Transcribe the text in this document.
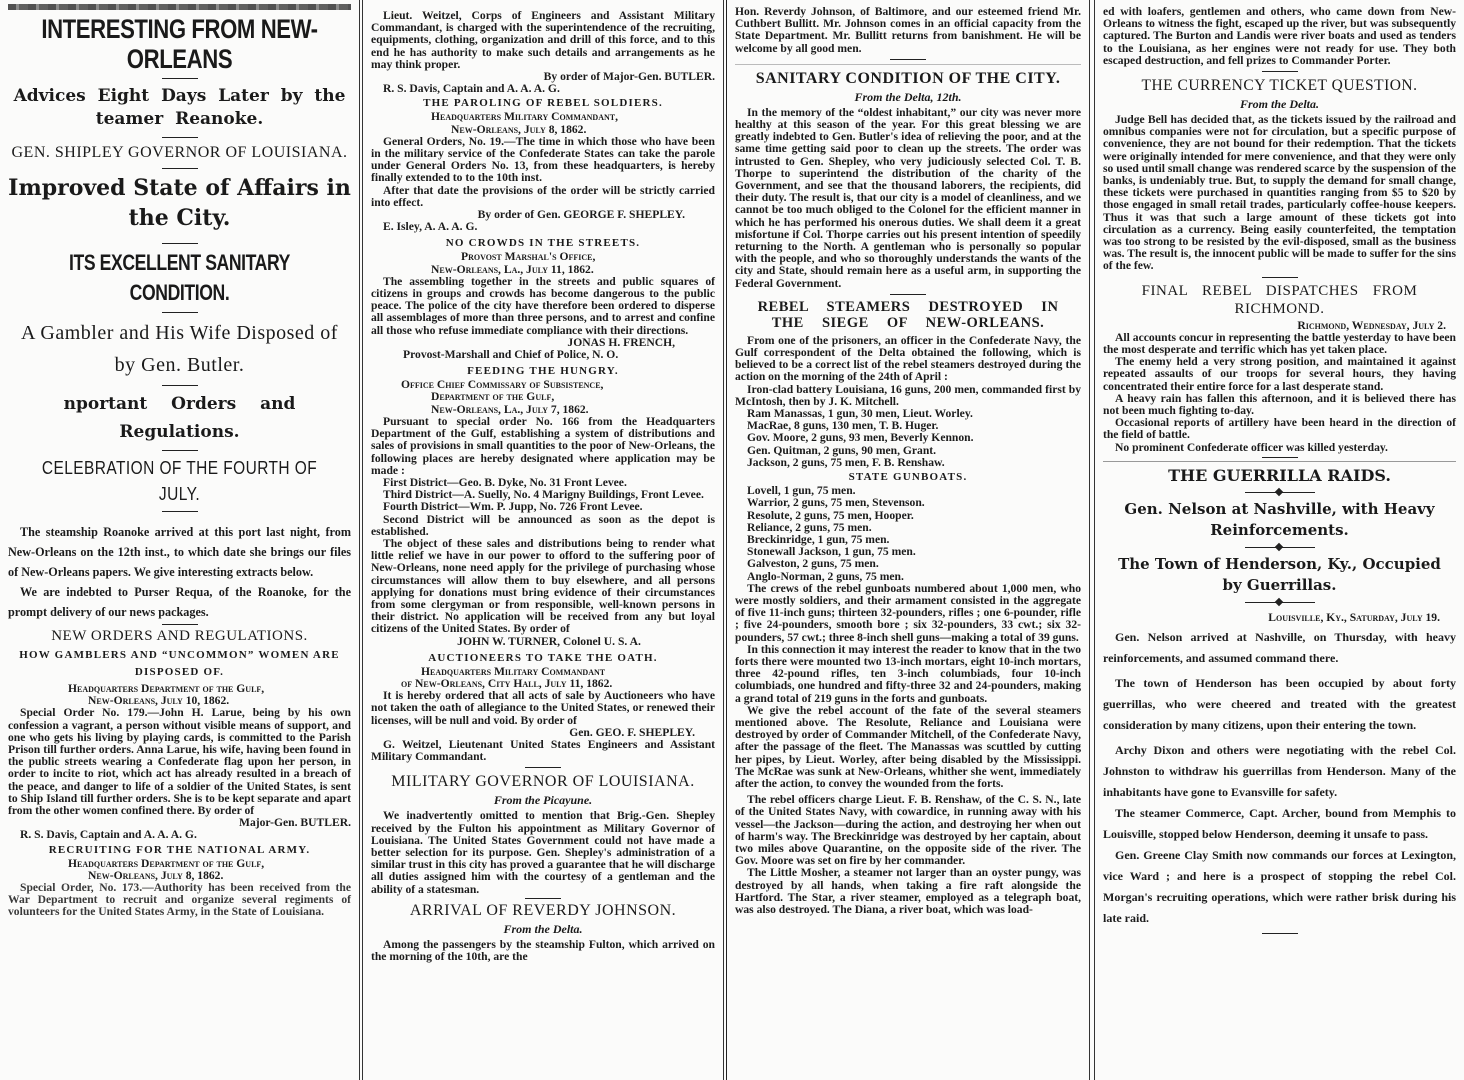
INTERESTING FROM NEW-ORLEANS
Advices Eight Days Later by the teamer Reanoke.
GEN. SHIPLEY GOVERNOR OF LOUISIANA.
Improved State of Affairs in the City.
ITS EXCELLENT SANITARY CONDITION.
A Gambler and His Wife Disposed of by Gen. Butler.
nportant Orders and Regulations.
CELEBRATION OF THE FOURTH OF JULY.

The steamship Roanoke arrived at this port last night, from New-Orleans on the 12th inst., to which date she brings our files of New-Orleans papers. We give interesting extracts below.

We are indebted to Purser Requa, of the Roanoke, for the prompt delivery of our news packages.

NEW ORDERS AND REGULATIONS.
HOW GAMBLERS AND “UNCOMMON” WOMEN ARE DISPOSED OF.
Headquarters Department of the Gulf,
New-Orleans, July 10, 1862.

Special Order No. 179.—John H. Larue, being by his own confession a vagrant, a person without visible means of support, and one who gets his living by playing cards, is committed to the Parish Prison till further orders. Anna Larue, his wife, having been found in the public streets wearing a Confederate flag upon her person, in order to incite to riot, which act has already resulted in a breach of the peace, and danger to life of a soldier of the United States, is sent to Ship Island till further orders. She is to be kept separate and apart from the other women confined there. By order of

Major-Gen. BUTLER.

R. S. Davis, Captain and A. A. A. G.

RECRUITING FOR THE NATIONAL ARMY.
Headquarters Department of the Gulf,
New-Orleans, July 8, 1862.

Special Order, No. 173.—Authority has been received from the War Department to recruit and organize several regiments of volunteers for the United States Army, in the State of Louisiana.

Lieut. Weitzel, Corps of Engineers and Assistant Military Commandant, is charged with the superintendence of the recruiting, equipments, clothing, organization and drill of this force, and to this end he has authority to make such details and arrangements as he may think proper.

By order of Major-Gen. BUTLER.

R. S. Davis, Captain and A. A. A. G.

THE PAROLING OF REBEL SOLDIERS.
Headquarters Military Commandant,
New-Orleans, July 8, 1862.

General Orders, No. 19.—The time in which those who have been in the military service of the Confederate States can take the parole under General Orders No. 13, from these headquarters, is hereby finally extended to to the 10th inst.

After that date the provisions of the order will be strictly carried into effect.

By order of Gen. GEORGE F. SHEPLEY.

E. Isley, A. A. A. G.

NO CROWDS IN THE STREETS.
Provost Marshal's Office,
New-Orleans, La., July 11, 1862.

The assembling together in the streets and public squares of citizens in groups and crowds has become dangerous to the public peace. The police of the city have therefore been ordered to disperse all assemblages of more than three persons, and to arrest and confine all those who refuse immediate compliance with their directions.

JONAS H. FRENCH,

Provost-Marshall and Chief of Police, N. O.

FEEDING THE HUNGRY.
Office Chief Commissary of Subsistence,
Department of the Gulf,
New-Orleans, La., July 7, 1862.

Pursuant to special order No. 166 from the Headquarters Department of the Gulf, establishing a system of distributions and sales of provisions in small quantities to the poor of New-Orleans, the following places are hereby designated where application may be made :

First District—Geo. B. Dyke, No. 31 Front Levee.

Third District—A. Suelly, No. 4 Marigny Buildings, Front Levee.

Fourth District—Wm. P. Jupp, No. 726 Front Levee.

Second District will be announced as soon as the depot is established.

The object of these sales and distributions being to render what little relief we have in our power to offord to the suffering poor of New-Orleans, none need apply for the privilege of purchasing whose circumstances will allow them to buy elsewhere, and all persons applying for donations must bring evidence of their circumstances from some clergyman or from responsible, well-known persons in their district. No application will be received from any but loyal citizens of the United States. By order of

JOHN W. TURNER, Colonel U. S. A.

AUCTIONEERS TO TAKE THE OATH.
Headquarters Military Commandant
of New-Orleans, City Hall, July 11, 1862.

It is hereby ordered that all acts of sale by Auctioneers who have not taken the oath of allegiance to the United States, or renewed their licenses, will be null and void. By order of

Gen. GEO. F. SHEPLEY.

G. Weitzel, Lieutenant United States Engineers and Assistant Military Commandant.

MILITARY GOVERNOR OF LOUISIANA.
From the Picayune.

We inadvertently omitted to mention that Brig.-Gen. Shepley received by the Fulton his appointment as Military Governor of Louisiana. The United States Government could not have made a better selection for its purpose. Gen. Shepley's administration of a similar trust in this city has proved a guarantee that he will discharge all duties assigned him with the courtesy of a gentleman and the ability of a statesman.

ARRIVAL OF REVERDY JOHNSON.
From the Delta.

Among the passengers by the steamship Fulton, which arrived on the morning of the 10th, are the

Hon. Reverdy Johnson, of Baltimore, and our esteemed friend Mr. Cuthbert Bullitt. Mr. Johnson comes in an official capacity from the State Department. Mr. Bullitt returns from banishment. He will be welcome by all good men.

SANITARY CONDITION OF THE CITY.
From the Delta, 12th.

In the memory of the “oldest inhabitant,” our city was never more healthy at this season of the year. For this great blessing we are greatly indebted to Gen. Butler's idea of relieving the poor, and at the same time getting said poor to clean up the streets. The order was intrusted to Gen. Shepley, who very judiciously selected Col. T. B. Thorpe to superintend the distribution of the charity of the Government, and see that the thousand laborers, the recipients, did their duty. The result is, that our city is a model of cleanliness, and we cannot be too much obliged to the Colonel for the efficient manner in which he has performed his onerous duties. We shall deem it a great misfortune if Col. Thorpe carries out his present intention of speedily returning to the North. A gentleman who is personally so popular with the people, and who so thoroughly understands the wants of the city and State, should remain here as a useful arm, in supporting the Federal Government.

REBEL STEAMERS DESTROYED IN THE SIEGE OF NEW-ORLEANS.

From one of the prisoners, an officer in the Confederate Navy, the Gulf correspondent of the Delta obtained the following, which is believed to be a correct list of the rebel steamers destroyed during the action on the morning of the 24th of April :

Iron-clad battery Louisiana, 16 guns, 200 men, commanded first by McIntosh, then by J. K. Mitchell.

Ram Manassas, 1 gun, 30 men, Lieut. Worley.

MacRae, 8 guns, 130 men, T. B. Huger.

Gov. Moore, 2 guns, 93 men, Beverly Kennon.

Gen. Quitman, 2 guns, 90 men, Grant.

Jackson, 2 guns, 75 men, F. B. Renshaw.

STATE GUNBOATS.

Lovell, 1 gun, 75 men.

Warrior, 2 guns, 75 men, Stevenson.

Resolute, 2 guns, 75 men, Hooper.

Reliance, 2 guns, 75 men.

Breckinridge, 1 gun, 75 men.

Stonewall Jackson, 1 gun, 75 men.

Galveston, 2 guns, 75 men.

Anglo-Norman, 2 guns, 75 men.

The crews of the rebel gunboats numbered about 1,000 men, who were mostly soldiers, and their armament consisted in the aggregate of five 11-inch guns; thirteen 32-pounders, rifles ; one 6-pounder, rifle ; five 24-pounders, smooth bore ; six 32-pounders, 33 cwt.; six 32-pounders, 57 cwt.; three 8-inch shell guns—making a total of 39 guns.

In this connection it may interest the reader to know that in the two forts there were mounted two 13-inch mortars, eight 10-inch mortars, three 42-pound rifles, ten 3-inch columbiads, four 10-inch columbiads, one hundred and fifty-three 32 and 24-pounders, making a grand total of 219 guns in the forts and gunboats.

We give the rebel account of the fate of the several steamers mentioned above. The Resolute, Reliance and Louisiana were destroyed by order of Commander Mitchell, of the Confederate Navy, after the passage of the fleet. The Manassas was scuttled by cutting her pipes, by Lieut. Worley, after being disabled by the Mississippi. The McRae was sunk at New-Orleans, whither she went, immediately after the action, to convey the wounded from the forts.

The rebel officers charge Lieut. F. B. Renshaw, of the C. S. N., late of the United States Navy, with cowardice, in running away with his vessel—the Jackson—during the action, and destroying her when out of harm's way. The Breckinridge was destroyed by her captain, about two miles above Quarantine, on the opposite side of the river. The Gov. Moore was set on fire by her commander.

The Little Mosher, a steamer not larger than an oyster pungy, was destroyed by all hands, when taking a fire raft alongside the Hartford. The Star, a river steamer, employed as a telegraph boat, was also destroyed. The Diana, a river boat, which was load-

ed with loafers, gentlemen and others, who came down from New-Orleans to witness the fight, escaped up the river, but was subsequently captured. The Burton and Landis were river boats and used as tenders to the Louisiana, as her engines were not ready for use. They both escaped destruction, and fell prizes to Commander Porter.

THE CURRENCY TICKET QUESTION.
From the Delta.

Judge Bell has decided that, as the tickets issued by the railroad and omnibus companies were not for circulation, but a specific purpose of convenience, they are not bound for their redemption. That the tickets were originally intended for mere convenience, and that they were only so used until small change was rendered scarce by the suspension of the banks, is undeniably true. But, to supply the demand for small change, these tickets were purchased in quantities ranging from $5 to $20 by those engaged in small retail trades, particularly coffee-house keepers. Thus it was that such a large amount of these tickets got into circulation as a currency. Being easily counterfeited, the temptation was too strong to be resisted by the evil-disposed, small as the business was. The result is, the innocent public will be made to suffer for the sins of the few.

FINAL REBEL DISPATCHES FROM RICHMOND.
Richmond, Wednesday, July 2.

All accounts concur in representing the battle yesterday to have been the most desperate and terrific which has yet taken place.

The enemy held a very strong position, and maintained it against repeated assaults of our troops for several hours, they having concentrated their entire force for a last desperate stand.

A heavy rain has fallen this afternoon, and it is believed there has not been much fighting to-day.

Occasional reports of artillery have been heard in the direction of the field of battle.

No prominent Confederate officer was killed yesterday.

THE GUERRILLA RAIDS.
Gen. Nelson at Nashville, with Heavy Reinforcements.
The Town of Henderson, Ky., Occupied by Guerrillas.
Louisville, Ky., Saturday, July 19.

Gen. Nelson arrived at Nashville, on Thursday, with heavy reinforcements, and assumed command there.

The town of Henderson has been occupied by about forty guerrillas, who were cheered and treated with the greatest consideration by many citizens, upon their entering the town.

Archy Dixon and others were negotiating with the rebel Col. Johnston to withdraw his guerrillas from Henderson. Many of the inhabitants have gone to Evansville for safety.

The steamer Commerce, Capt. Archer, bound from Memphis to Louisville, stopped below Henderson, deeming it unsafe to pass.

Gen. Greene Clay Smith now commands our forces at Lexington, vice Ward ; and here is a prospect of stopping the rebel Col. Morgan's recruiting operations, which were rather brisk during his late raid.
